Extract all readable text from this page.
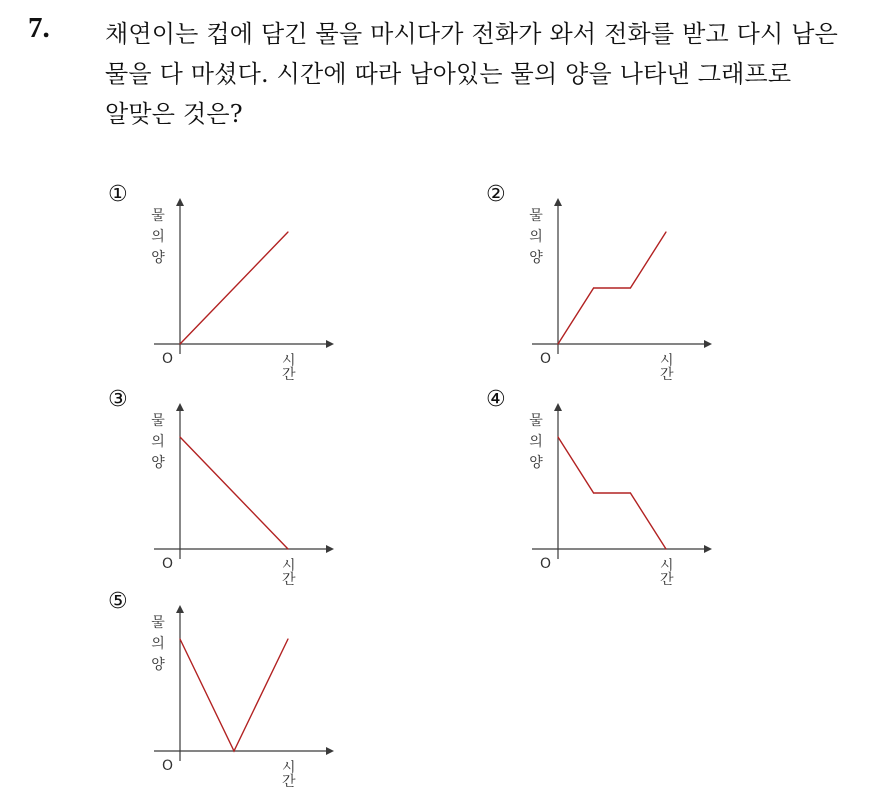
7. 채연이는 컵에 담긴 물을 마시다가 전화가 와서 전화를 받고 다시 남은
물을 다 마셨다. 시간에 따라 남아있는 물의 양을 나타낸 그래프로
알맞은 것은?
①
물
의
양
O	시간
②
물
의
양
O	시간
③
물
의
양
O	시간
④
물
의
양
O	시간
⑤
물
의
양
O	시간
